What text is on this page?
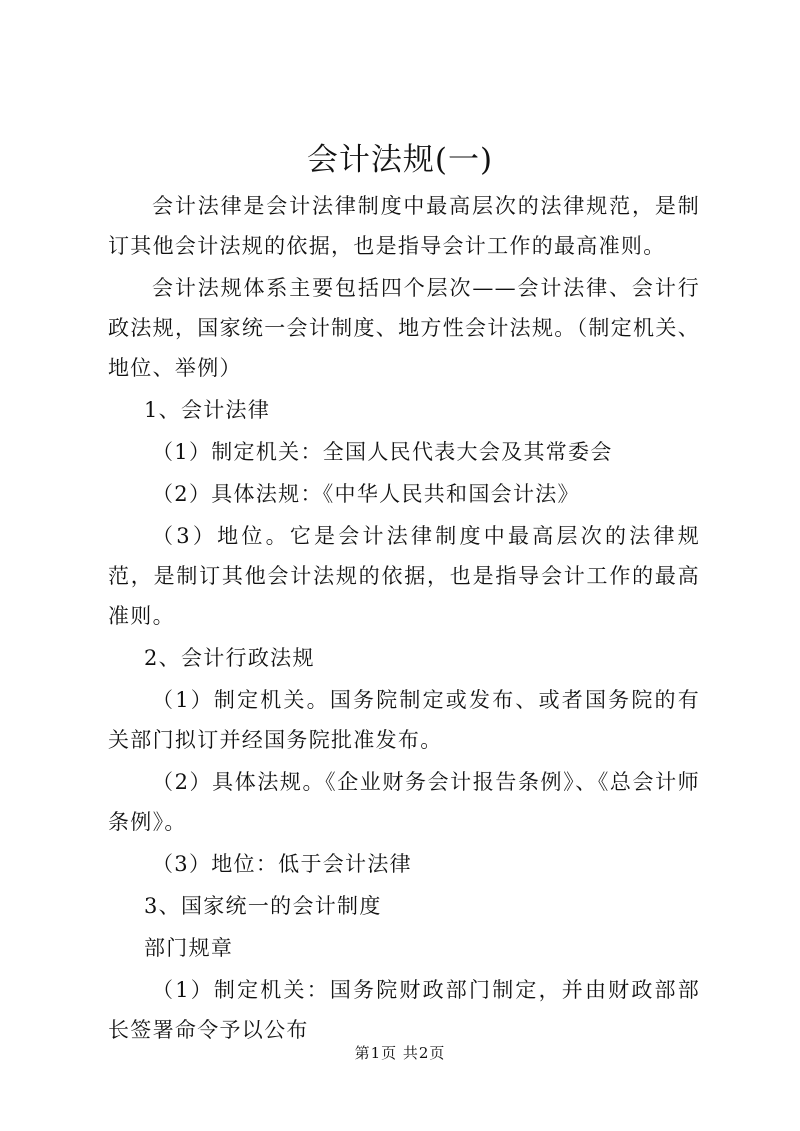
会计法规(一)

会计法律是会计法律制度中最高层次的法律规范，是制订其他会计法规的依据，也是指导会计工作的最高准则。

会计法规体系主要包括四个层次——会计法律、会计行政法规，国家统一会计制度、地方性会计法规。（制定机关、地位、举例）

1、会计法律

（1）制定机关：全国人民代表大会及其常委会

（2）具体法规：《中华人民共和国会计法》

（3）地位。它是会计法律制度中最高层次的法律规范，是制订其他会计法规的依据，也是指导会计工作的最高准则。

2、会计行政法规

（1）制定机关。国务院制定或发布、或者国务院的有关部门拟订并经国务院批准发布。

（2）具体法规。《企业财务会计报告条例》、《总会计师条例》。

（3）地位：低于会计法律

3、国家统一的会计制度

部门规章

（1）制定机关：国务院财政部门制定，并由财政部部长签署命令予以公布

第1页 共2页
